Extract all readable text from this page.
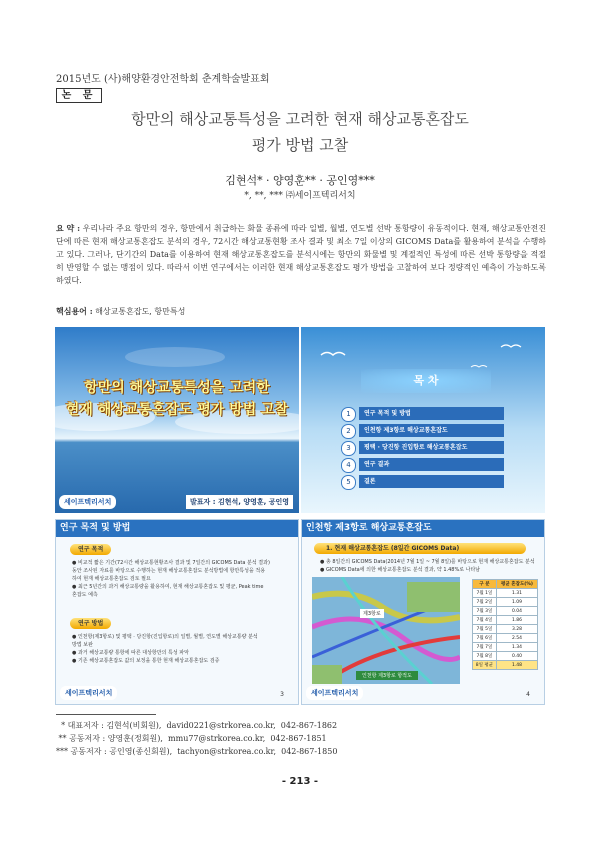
2015년도 (사)해양환경안전학회 춘계학술발표회
논 문
항만의 해상교통특성을 고려한 현재 해상교통혼잡도
평가 방법 고찰
김현석* · 양영훈** · 공인영***
*, **, *** ㈜세이프텍리서치
요 약 : 우리나라 주요 항만의 경우, 항만에서 취급하는 화물 종류에 따라 일별, 월별, 연도별 선박 통항량이 유동적이다. 현재, 해상교통안전진단에 따른 현재 해상교통혼잡도 분석의 경우, 72시간 해상교통현황 조사 결과 및 최소 7일 이상의 GICOMS Data를 활용하여 분석을 수행하고 있다. 그러나, 단기간의 Data를 이용하여 현재 해상교통혼잡도를 분석시에는 항만의 화물별 및 계절적인 특성에 따른 선박 통항량을 적절히 반영할 수 없는 맹점이 있다. 따라서 이번 연구에서는 이러한 현재 해상교통혼잡도 평가 방법을 고찰하여 보다 정량적인 예측이 가능하도록 하였다.
핵심용어 : 해상교통혼잡도, 항만특성
항만의 해상교통특성을 고려한
현재 해상교통혼잡도 평가 방법 고찰
세이프텍리서치	발표자 : 김현석, 양영훈, 공인영
목 차
1	연구 목적 및 방법
2	인천항 제3항로 해상교통혼잡도
3	평택 · 당진항 진입항로 해상교통혼잡도
4	연구 결과
5	결론
연구 목적 및 방법
연구 목적
● 비교적 짧은 기간(72시간 해상교통현황조사 결과 및 7일간의 GICOMS Data 분석 결과)
동안 조사된 자료를 바탕으로 수행하는 현재 해상교통혼잡도 분석방법에 항만특성을 적용
하여 현재 해상교통혼잡도 검토 필요
● 최근 5년간의 과거 해상교통량을 활용하여, 현재 해상교통혼잡도 및 평균, Peak time
혼잡도 예측
연구 방법
● 인천항(제3항로) 및 평택 · 당진항(진입항로)의 일별, 월별, 연도별 해상교통량 분석
방법 보완
● 과거 해상교통량 통항에 따른 대상항만의 특성 파악
● 기존 해상교통혼잡도 값의 보정을 통한 현재 해상교통혼잡도 검증
세이프텍리서치	3
인천항 제3항로 해상교통혼잡도
1. 현재 해상교통혼잡도 (8일간 GICOMS Data)
● 총 8일간의 GICOMS Data(2014년 7월 1일 ~ 7월 8일)를 바탕으로 현재 해상교통혼잡도 분석
● GICOMS Data에 의한 해상교통혼잡도 분석 결과, 약 1.48%로 나타남
제3항로
인천항 제3항로 항적도
구 분	평균 혼잡도(%)
7월 1일	1.31
7월 2일	1.09
7월 3일	0.04
7월 4일	1.86
7월 5일	3.28
7월 6일	2.54
7월 7일	1.34
7월 8일	0.40
8일 평균	1.48
세이프텍리서치	4
* 대표저자 : 김현석(비회원),  david0221@strkorea.co.kr,  042-867-1862
** 공동저자 : 양영훈(정회원),  mmu77@strkorea.co.kr,  042-867-1851
*** 공동저자 : 공인영(종신회원),  tachyon@strkorea.co.kr,  042-867-1850
- 213 -
